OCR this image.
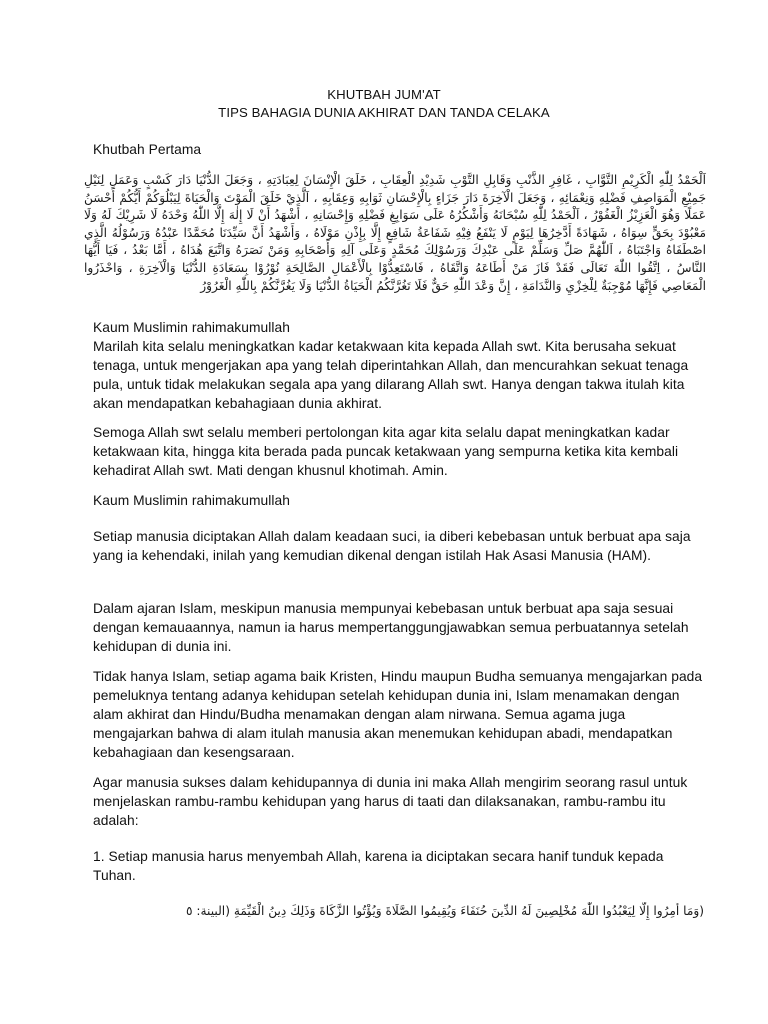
KHUTBAH JUM'AT
TIPS BAHAGIA DUNIA AKHIRAT DAN TANDA CELAKA
Khutbah Pertama
اَلْحَمْدُ لِلّٰهِ الْكَرِيْمِ التَّوَّابِ ، غَافِرِ الذَّنْبِ وَقَابِلِ التَّوْبِ شَدِيْدِ الْعِقَابِ ، خَلَقَ الْإِنْسَانَ لِعِبَادَتِهِ ، وَجَعَلَ الدُّنْيَا دَارَ كَسْبٍ وَعَمَلٍ لِنَيْلِ جَمِيْعِ الْمَوَاصِفِ فَضْلِهِ وَنِعْمَائِهِ ، وَجَعَلَ الْآخِرَةَ دَارَ جَزَاءٍ بِالْإِحْسَانِ ثَوَابِهِ وَعِقَابِهِ ، اَلَّذِيْ خَلَقَ الْمَوْتَ وَالْحَيَاةَ لِيَبْلُوَكُمْ أَيُّكُمْ أَحْسَنُ عَمَلًا وَهُوَ الْعَزِيْزُ الْغَفُوْرُ ، اَلْحَمْدُ لِلّٰهِ سُبْحَانَهُ وَأَشْكُرُهُ عَلَى سَوَابِغِ فَضْلِهِ وَإِحْسَانِهِ ، أَشْهَدُ أَنْ لَا إِلٰهَ إِلَّا اللّٰهُ وَحْدَهُ لَا شَرِيْكَ لَهُ وَلَا مَعْبُوْدَ بِحَقٍّ سِوَاهُ ، شَهَادَةً أَدَّخِرُهَا لِيَوْمٍ لَا يَنْفَعُ فِيْهِ شَفَاعَةُ شَافِعٍ إِلَّا بِإِذْنِ مَوْلَاهُ ، وَأَشْهَدُ أَنَّ سَيِّدَنَا مُحَمَّدًا عَبْدُهُ وَرَسُوْلُهُ الَّذِي اصْطَفَاهُ وَاجْتَبَاهُ ، اَللّٰهُمَّ صَلِّ وَسَلِّمْ عَلَى عَبْدِكَ وَرَسُوْلِكَ مُحَمَّدٍ وَعَلَى آلِهِ وَأَصْحَابِهِ وَمَنْ نَصَرَهُ وَاتَّبَعَ هُدَاهُ ، أَمَّا بَعْدُ ، فَيَا أَيُّهَا النَّاسُ ، اِتَّقُوا اللّٰهَ تَعَالَى فَقَدْ فَازَ مَنْ أَطَاعَهُ وَاتَّقَاهُ ، فَاسْتَعِدُّوْا بِالْأَعْمَالِ الصَّالِحَةِ نُوْرُوْا بِسَعَادَةِ الدُّنْيَا وَالْآخِرَةِ ، وَاحْذَرُوا الْمَعَاصِي فَإِنَّهَا مُوْجِبَةٌ لِلْخِزْيِ وَالنَّدَامَةِ ، إِنَّ وَعْدَ اللّٰهِ حَقٌّ فَلَا تَغُرَّنَّكُمُ الْحَيَاةُ الدُّنْيَا وَلَا يَغُرَّنَّكُمْ بِاللّٰهِ الْغَرُوْرُ

Kaum Muslimin rahimakumullah
Marilah kita selalu meningkatkan kadar ketakwaan kita kepada Allah swt. Kita berusaha sekuat tenaga, untuk mengerjakan apa yang telah diperintahkan Allah, dan mencurahkan sekuat tenaga pula, untuk tidak melakukan segala apa yang dilarang Allah swt. Hanya dengan takwa itulah kita akan mendapatkan kebahagiaan dunia akhirat.

Semoga Allah swt selalu memberi pertolongan kita agar kita selalu dapat meningkatkan kadar ketakwaan kita, hingga kita berada pada puncak ketakwaan yang sempurna ketika kita kembali kehadirat Allah swt. Mati dengan khusnul khotimah. Amin.

Kaum Muslimin rahimakumullah

Setiap manusia diciptakan Allah dalam keadaan suci, ia diberi kebebasan untuk berbuat apa saja yang ia kehendaki, inilah yang kemudian dikenal dengan istilah Hak Asasi Manusia (HAM).

Dalam ajaran Islam, meskipun manusia mempunyai kebebasan untuk berbuat apa saja sesuai dengan kemauaannya, namun ia harus mempertanggungjawabkan semua perbuatannya setelah kehidupan di dunia ini.

Tidak hanya Islam, setiap agama baik Kristen, Hindu maupun Budha semuanya mengajarkan pada pemeluknya tentang adanya kehidupan setelah kehidupan dunia ini, Islam menamakan dengan alam akhirat dan Hindu/Budha menamakan dengan alam nirwana. Semua agama juga mengajarkan bahwa di alam itulah manusia akan menemukan kehidupan abadi, mendapatkan kebahagiaan dan kesengsaraan.

Agar manusia sukses dalam kehidupannya di dunia ini maka Allah mengirim seorang rasul untuk menjelaskan rambu-rambu kehidupan yang harus di taati dan dilaksanakan, rambu-rambu itu adalah:

1. Setiap manusia harus menyembah Allah, karena ia diciptakan secara hanif tunduk kepada Tuhan.

(وَمَا أُمِرُوا إِلَّا لِيَعْبُدُوا اللّٰهَ مُخْلِصِينَ لَهُ الدِّينَ حُنَفَاءَ وَيُقِيمُوا الصَّلَاةَ وَيُؤْتُوا الزَّكَاةَ وَذَلِكَ دِينُ الْقَيِّمَةِ (البينة: ٥
